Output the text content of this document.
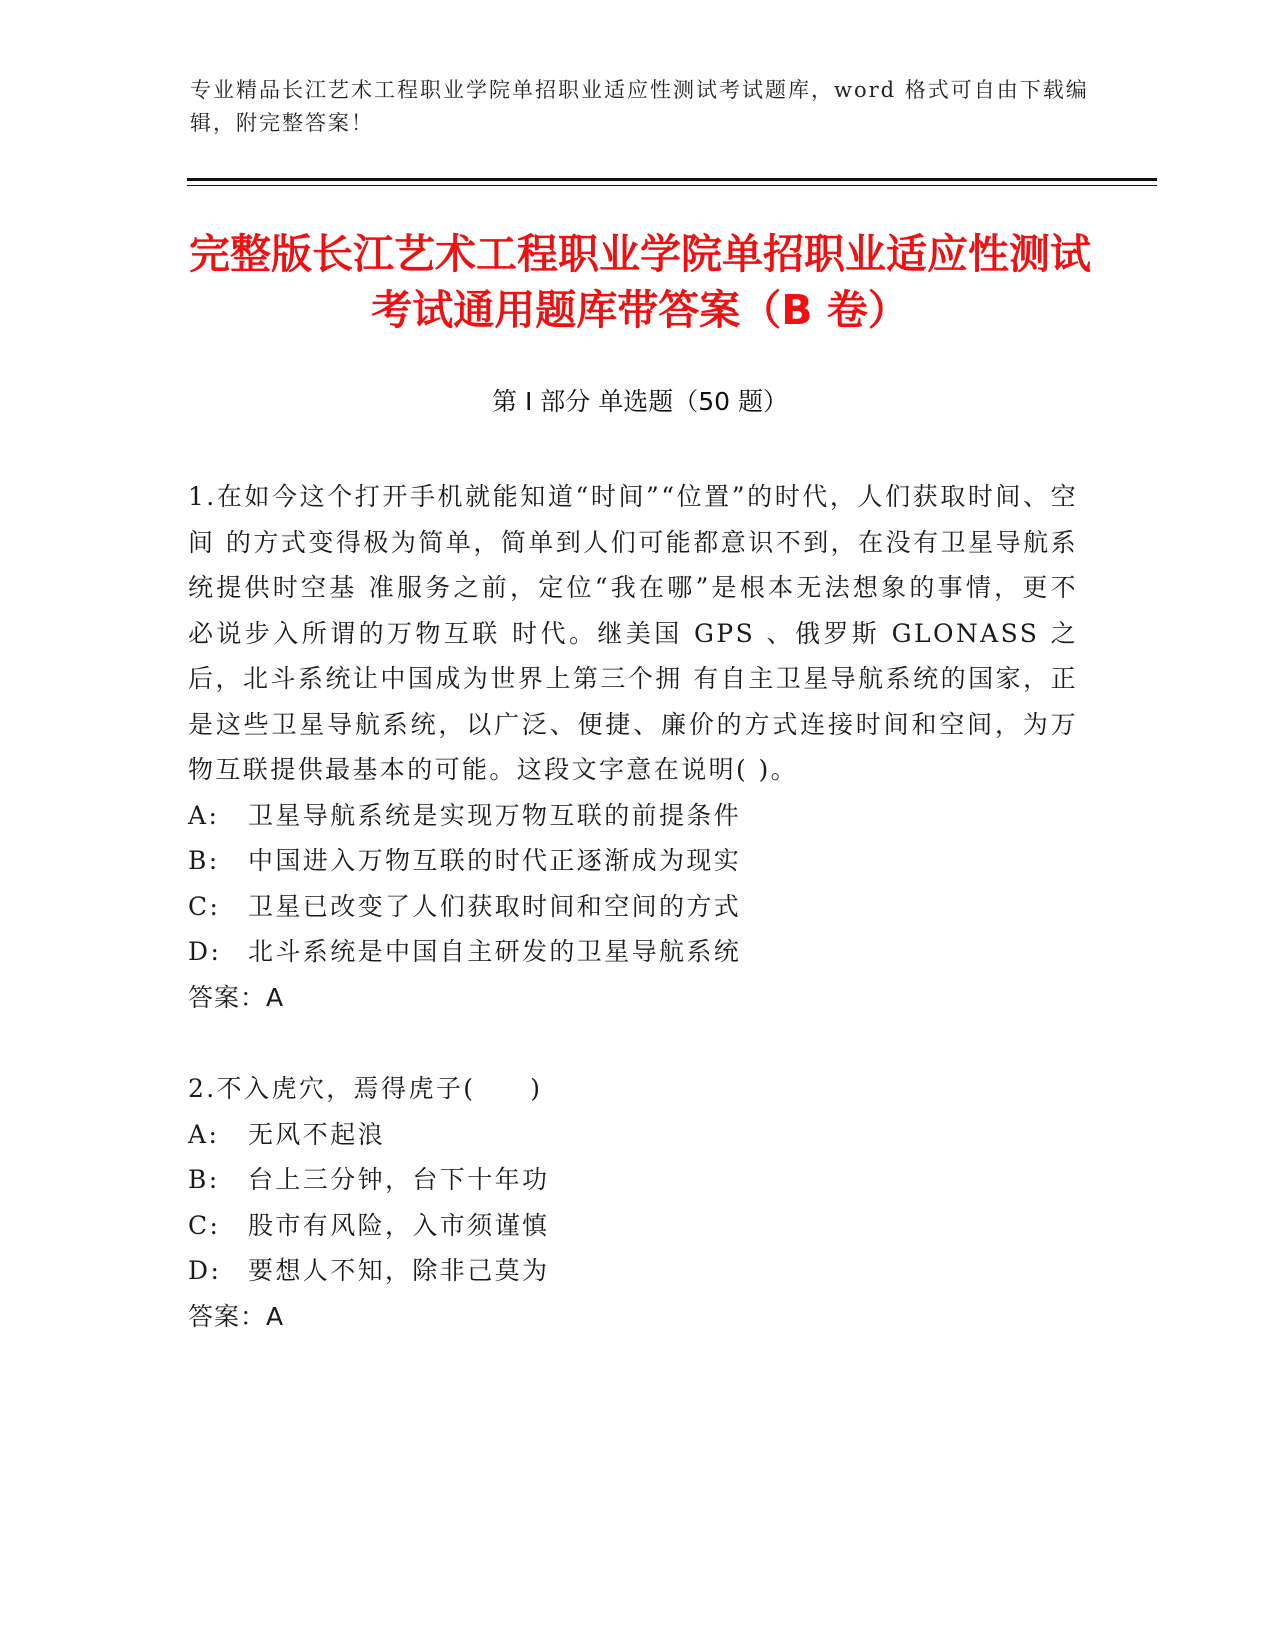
专业精品长江艺术工程职业学院单招职业适应性测试考试题库，word 格式可自由下载编辑，附完整答案！
完整版长江艺术工程职业学院单招职业适应性测试考试通用题库带答案（B 卷）
第 I 部分 单选题（50 题）

1.在如今这个打开手机就能知道“时间”“位置”的时代，人们获取时间、空间 的方式变得极为简单，简单到人们可能都意识不到，在没有卫星导航系统提供时空基 准服务之前，定位“我在哪”是根本无法想象的事情，更不必说步入所谓的万物互联 时代。继美国 GPS 、俄罗斯 GLONASS 之后，北斗系统让中国成为世界上第三个拥 有自主卫星导航系统的国家，正是这些卫星导航系统，以广泛、便捷、廉价的方式连接时间和空间，为万物互联提供最基本的可能。这段文字意在说明( )。

A:	卫星导航系统是实现万物互联的前提条件
B:	中国进入万物互联的时代正逐渐成为现实
C:	卫星已改变了人们获取时间和空间的方式
D:	北斗系统是中国自主研发的卫星导航系统
答案：A

2.不入虎穴，焉得虎子(　　)

A:	无风不起浪
B:	台上三分钟，台下十年功
C:	股市有风险，入市须谨慎
D:	要想人不知，除非己莫为
答案：A
